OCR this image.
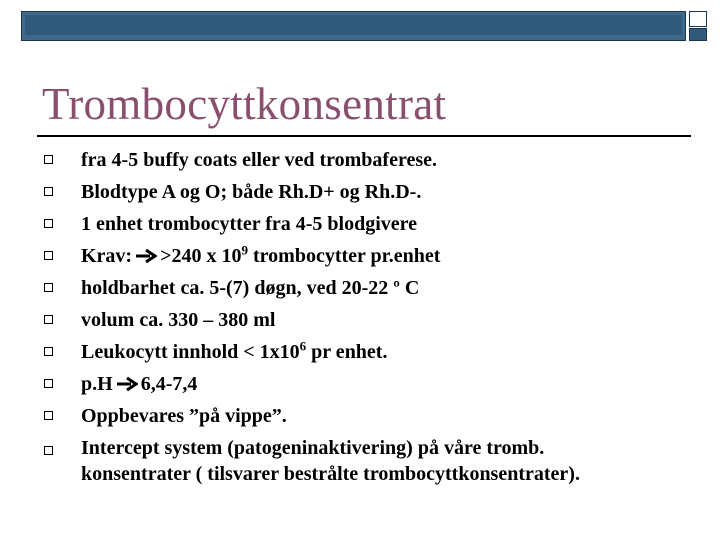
Trombocyttkonsentrat
fra 4-5 buffy coats eller ved trombaferese.
Blodtype A og O; både Rh.D+ og Rh.D-.
1 enhet trombocytter fra 4-5 blodgivere
Krav: >240 x $10^9$ trombocytter pr.enhet
holdbarhet ca. 5-(7) døgn, ved 20-22 º C
volum ca. 330 – 380 ml
Leukocytt innhold < $1x10^6$ pr enhet.
p.H 6,4-7,4
Oppbevares ”på vippe”.
Intercept system (patogeninaktivering) på våre tromb.
konsentrater ( tilsvarer bestrålte trombocyttkonsentrater).
